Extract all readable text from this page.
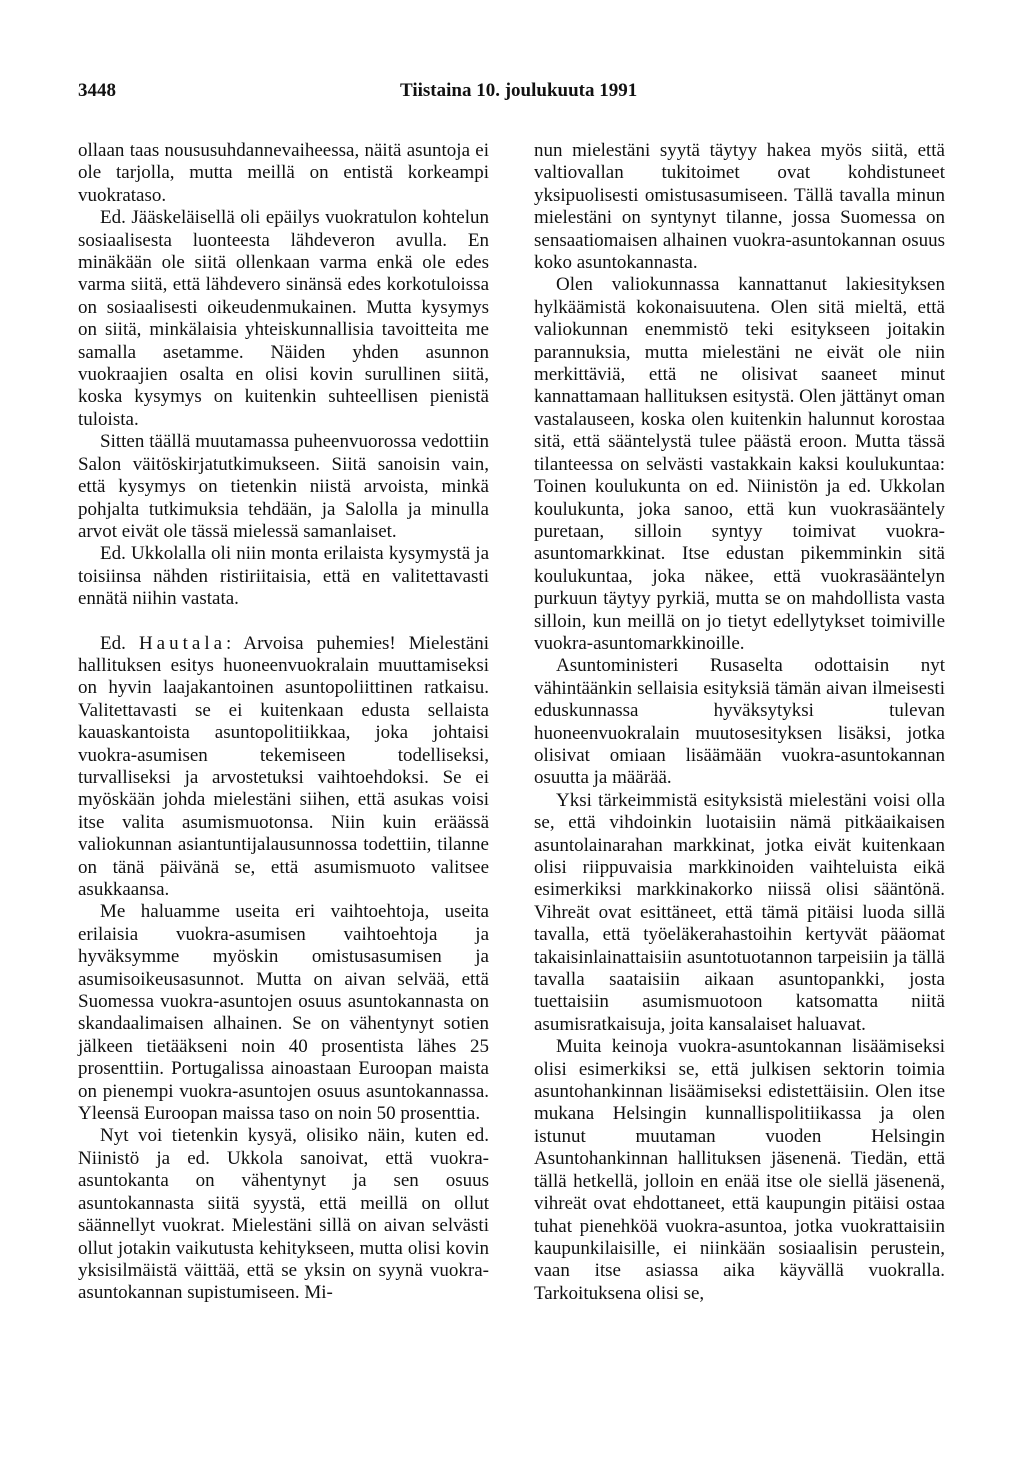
3448	Tiistaina 10. joulukuuta 1991

ollaan taas noususuhdannevaiheessa, näitä asuntoja ei ole tarjolla, mutta meillä on entistä korkeampi vuokrataso.

Ed. Jääskeläisellä oli epäilys vuokratulon kohtelun sosiaalisesta luonteesta lähdeveron avulla. En minäkään ole siitä ollenkaan varma enkä ole edes varma siitä, että lähdevero sinänsä edes korkotuloissa on sosiaalisesti oikeudenmukainen. Mutta kysymys on siitä, minkälaisia yhteiskunnallisia tavoitteita me samalla asetamme. Näiden yhden asunnon vuokraajien osalta en olisi kovin surullinen siitä, koska kysymys on kuitenkin suhteellisen pienistä tuloista.

Sitten täällä muutamassa puheenvuorossa vedottiin Salon väitöskirjatutkimukseen. Siitä sanoisin vain, että kysymys on tietenkin niistä arvoista, minkä pohjalta tutkimuksia tehdään, ja Salolla ja minulla arvot eivät ole tässä mielessä samanlaiset.

Ed. Ukkolalla oli niin monta erilaista kysymystä ja toisiinsa nähden ristiriitaisia, että en valitettavasti ennätä niihin vastata.

Ed. Hautala: Arvoisa puhemies! Mielestäni hallituksen esitys huoneenvuokralain muuttamiseksi on hyvin laajakantoinen asuntopoliittinen ratkaisu. Valitettavasti se ei kuitenkaan edusta sellaista kauaskantoista asuntopolitiikkaa, joka johtaisi vuokra-asumisen tekemiseen todelliseksi, turvalliseksi ja arvostetuksi vaihtoehdoksi. Se ei myöskään johda mielestäni siihen, että asukas voisi itse valita asumismuotonsa. Niin kuin eräässä valiokunnan asiantuntijalausunnossa todettiin, tilanne on tänä päivänä se, että asumismuoto valitsee asukkaansa.

Me haluamme useita eri vaihtoehtoja, useita erilaisia vuokra-asumisen vaihtoehtoja ja hyväksymme myöskin omistusasumisen ja asumisoikeusasunnot. Mutta on aivan selvää, että Suomessa vuokra-asuntojen osuus asuntokannasta on skandaalimaisen alhainen. Se on vähentynyt sotien jälkeen tietääkseni noin 40 prosentista lähes 25 prosenttiin. Portugalissa ainoastaan Euroopan maista on pienempi vuokra-asuntojen osuus asuntokannassa. Yleensä Euroopan maissa taso on noin 50 prosenttia.

Nyt voi tietenkin kysyä, olisiko näin, kuten ed. Niinistö ja ed. Ukkola sanoivat, että vuokra-asuntokanta on vähentynyt ja sen osuus asuntokannasta siitä syystä, että meillä on ollut säännellyt vuokrat. Mielestäni sillä on aivan selvästi ollut jotakin vaikutusta kehitykseen, mutta olisi kovin yksisilmäistä väittää, että se yksin on syynä vuokra-asuntokannan supistumiseen. Mi-

nun mielestäni syytä täytyy hakea myös siitä, että valtiovallan tukitoimet ovat kohdistuneet yksipuolisesti omistusasumiseen. Tällä tavalla minun mielestäni on syntynyt tilanne, jossa Suomessa on sensaatiomaisen alhainen vuokra-asuntokannan osuus koko asuntokannasta.

Olen valiokunnassa kannattanut lakiesityksen hylkäämistä kokonaisuutena. Olen sitä mieltä, että valiokunnan enemmistö teki esitykseen joitakin parannuksia, mutta mielestäni ne eivät ole niin merkittäviä, että ne olisivat saaneet minut kannattamaan hallituksen esitystä. Olen jättänyt oman vastalauseen, koska olen kuitenkin halunnut korostaa sitä, että sääntelystä tulee päästä eroon. Mutta tässä tilanteessa on selvästi vastakkain kaksi koulukuntaa: Toinen koulukunta on ed. Niinistön ja ed. Ukkolan koulukunta, joka sanoo, että kun vuokrasääntely puretaan, silloin syntyy toimivat vuokra-asuntomarkkinat. Itse edustan pikemminkin sitä koulukuntaa, joka näkee, että vuokrasääntelyn purkuun täytyy pyrkiä, mutta se on mahdollista vasta silloin, kun meillä on jo tietyt edellytykset toimiville vuokra-asuntomarkkinoille.

Asuntoministeri Rusaselta odottaisin nyt vähintäänkin sellaisia esityksiä tämän aivan ilmeisesti eduskunnassa hyväksytyksi tulevan huoneenvuokralain muutosesityksen lisäksi, jotka olisivat omiaan lisäämään vuokra-asuntokannan osuutta ja määrää.

Yksi tärkeimmistä esityksistä mielestäni voisi olla se, että vihdoinkin luotaisiin nämä pitkäaikaisen asuntolainarahan markkinat, jotka eivät kuitenkaan olisi riippuvaisia markkinoiden vaihteluista eikä esimerkiksi markkinakorko niissä olisi sääntönä. Vihreät ovat esittäneet, että tämä pitäisi luoda sillä tavalla, että työeläkerahastoihin kertyvät pääomat takaisinlainattaisiin asuntotuotannon tarpeisiin ja tällä tavalla saataisiin aikaan asuntopankki, josta tuettaisiin asumismuotoon katsomatta niitä asumisratkaisuja, joita kansalaiset haluavat.

Muita keinoja vuokra-asuntokannan lisäämiseksi olisi esimerkiksi se, että julkisen sektorin toimia asuntohankinnan lisäämiseksi edistettäisiin. Olen itse mukana Helsingin kunnallispolitiikassa ja olen istunut muutaman vuoden Helsingin Asuntohankinnan hallituksen jäsenenä. Tiedän, että tällä hetkellä, jolloin en enää itse ole siellä jäsenenä, vihreät ovat ehdottaneet, että kaupungin pitäisi ostaa tuhat pienehköä vuokra-asuntoa, jotka vuokrattaisiin kaupunkilaisille, ei niinkään sosiaalisin perustein, vaan itse asiassa aika käyvällä vuokralla. Tarkoituksena olisi se,
